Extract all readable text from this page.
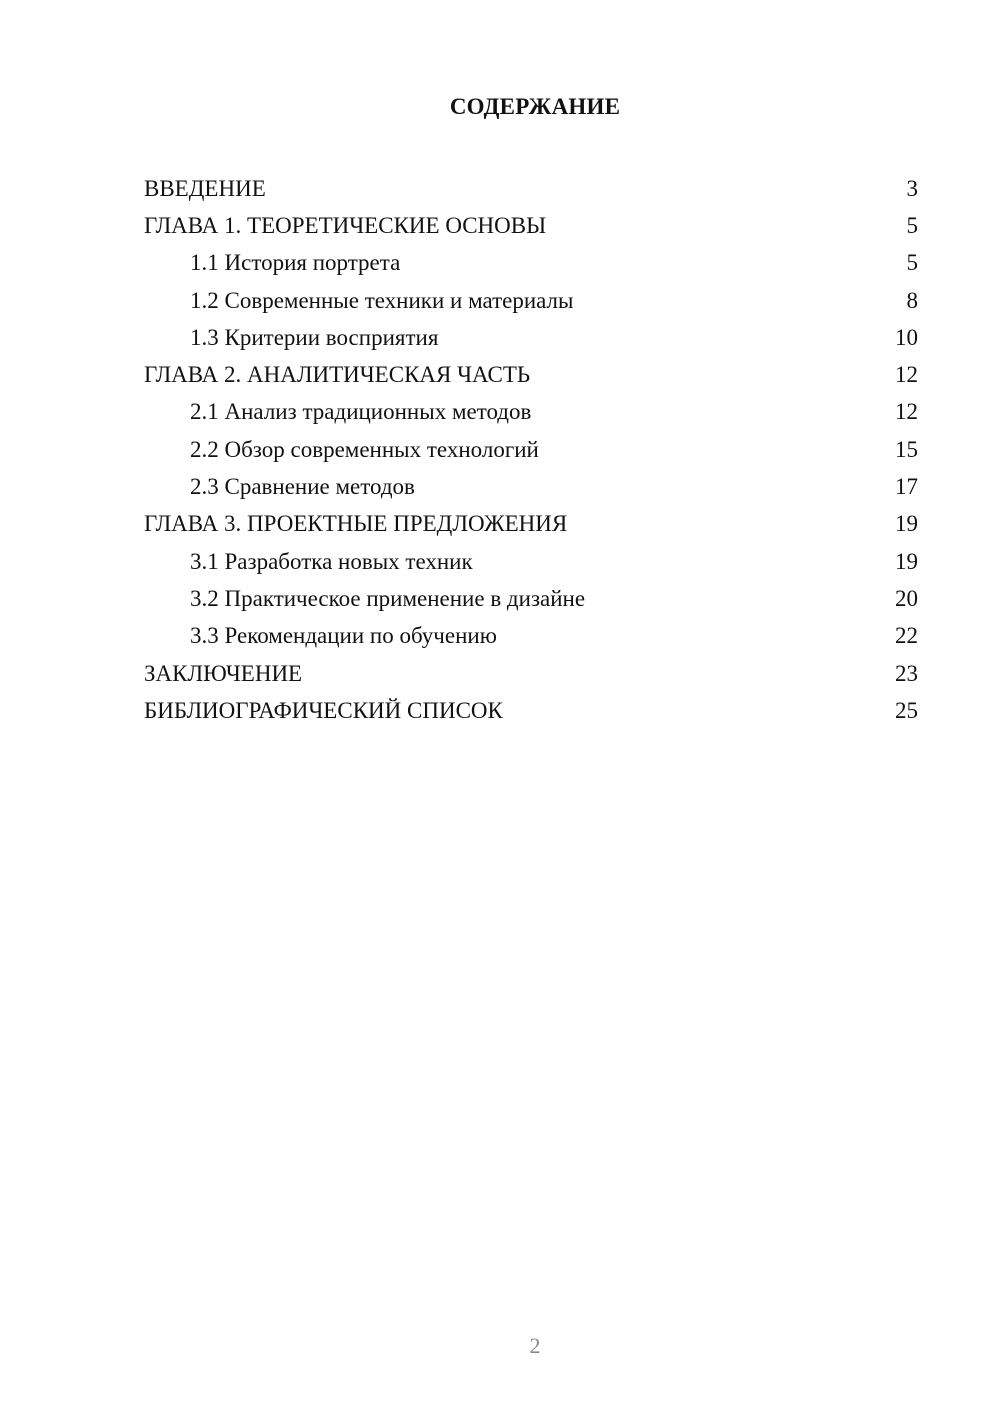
СОДЕРЖАНИЕ
ВВЕДЕНИЕ	3
ГЛАВА 1. ТЕОРЕТИЧЕСКИЕ ОСНОВЫ	5
1.1 История портрета	5
1.2 Современные техники и материалы	8
1.3 Критерии восприятия	10
ГЛАВА 2. АНАЛИТИЧЕСКАЯ ЧАСТЬ	12
2.1 Анализ традиционных методов	12
2.2 Обзор современных технологий	15
2.3 Сравнение методов	17
ГЛАВА 3. ПРОЕКТНЫЕ ПРЕДЛОЖЕНИЯ	19
3.1 Разработка новых техник	19
3.2 Практическое применение в дизайне	20
3.3 Рекомендации по обучению	22
ЗАКЛЮЧЕНИЕ	23
БИБЛИОГРАФИЧЕСКИЙ СПИСОК	25
2
